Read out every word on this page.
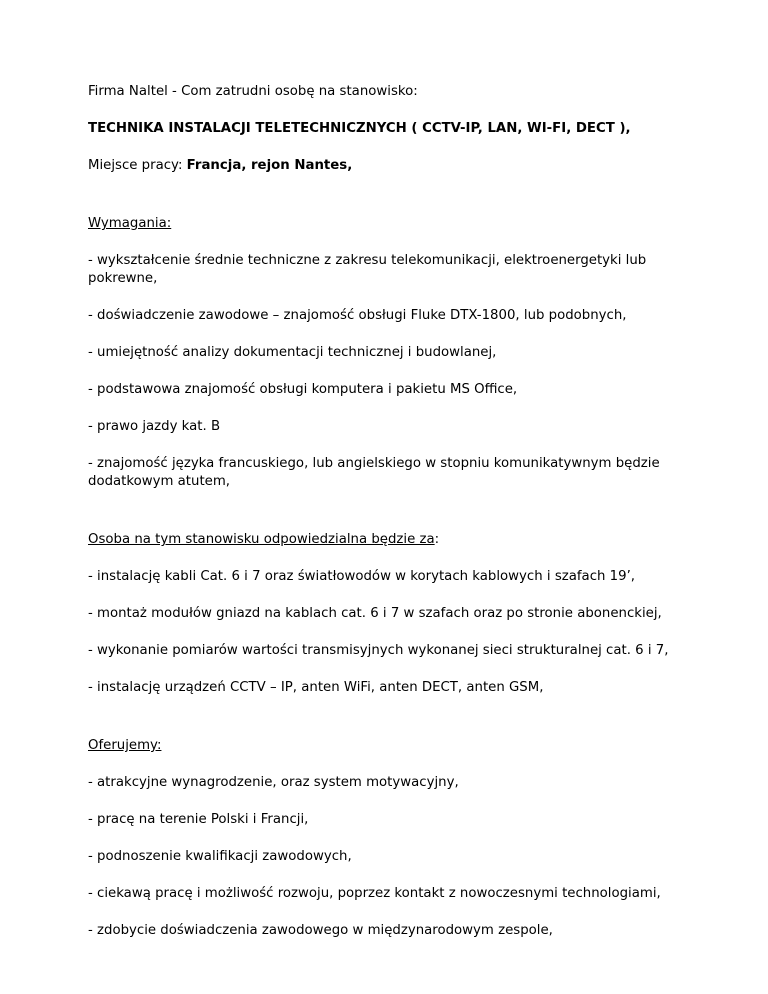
Firma Naltel - Com zatrudni osobę na stanowisko:

TECHNIKA INSTALACJI TELETECHNICZNYCH ( CCTV-IP, LAN, WI-FI, DECT ),

Miejsce pracy: Francja, rejon Nantes,

Wymagania:

- wykształcenie średnie techniczne z zakresu telekomunikacji, elektroenergetyki lub pokrewne,

- doświadczenie zawodowe – znajomość obsługi Fluke DTX-1800, lub podobnych,

- umiejętność analizy dokumentacji technicznej i budowlanej,

- podstawowa znajomość obsługi komputera i pakietu MS Office,

- prawo jazdy kat. B

- znajomość języka francuskiego, lub angielskiego w stopniu komunikatywnym będzie dodatkowym atutem,

Osoba na tym stanowisku odpowiedzialna będzie za:

- instalację kabli Cat. 6 i 7 oraz światłowodów w korytach kablowych i szafach 19’,

- montaż modułów gniazd na kablach cat. 6 i 7 w szafach oraz po stronie abonenckiej,

- wykonanie pomiarów wartości transmisyjnych wykonanej sieci strukturalnej cat. 6 i 7,

- instalację urządzeń CCTV – IP, anten WiFi, anten DECT, anten GSM,

Oferujemy:

- atrakcyjne wynagrodzenie, oraz system motywacyjny,

- pracę na terenie Polski i Francji,

- podnoszenie kwalifikacji zawodowych,

- ciekawą pracę i możliwość rozwoju, poprzez kontakt z nowoczesnymi technologiami,

- zdobycie doświadczenia zawodowego w międzynarodowym zespole,
